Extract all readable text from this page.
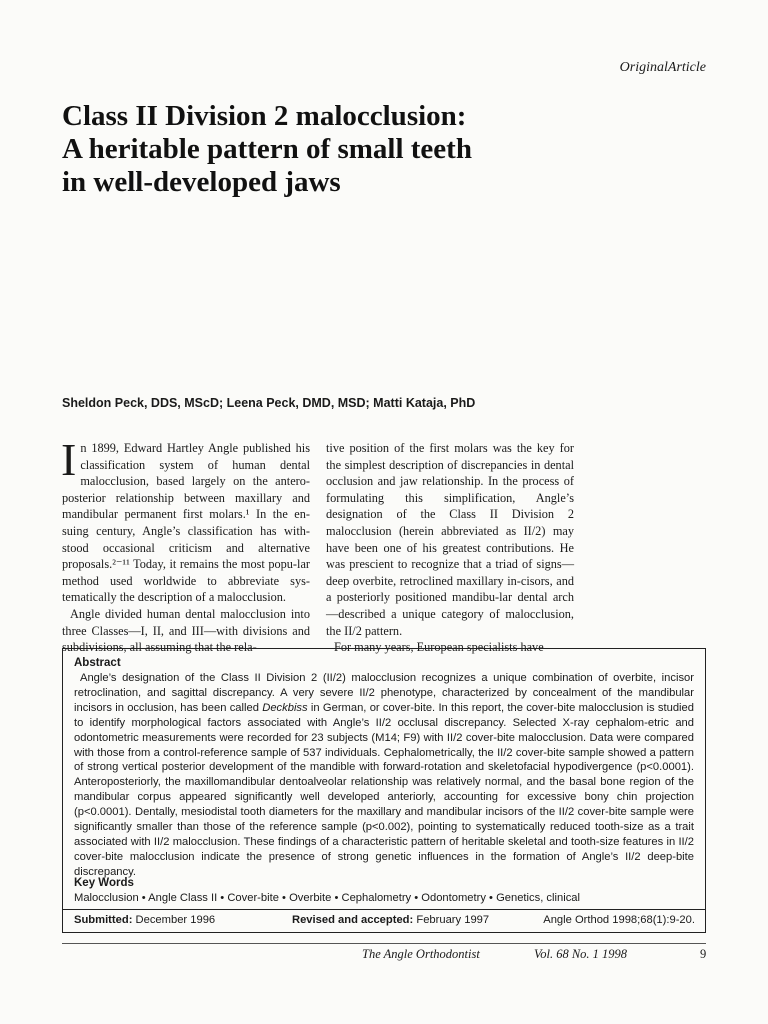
OriginalArticle
Class II Division 2 malocclusion: A heritable pattern of small teeth in well-developed jaws
Sheldon Peck, DDS, MScD; Leena Peck, DMD, MSD; Matti Kataja, PhD

In 1899, Edward Hartley Angle published his classification system of human dental malocclusion, based largely on the antero-posterior relationship between maxillary and mandibular permanent first molars.¹ In the en-suing century, Angle’s classification has with-stood occasional criticism and alternative proposals.²⁻¹¹ Today, it remains the most popu-lar method used worldwide to abbreviate sys-tematically the description of a malocclusion.

Angle divided human dental malocclusion into three Classes—I, II, and III—with divisions and subdivisions, all assuming that the rela-

tive position of the first molars was the key for the simplest description of discrepancies in dental occlusion and jaw relationship. In the process of formulating this simplification, Angle’s designation of the Class II Division 2 malocclusion (herein abbreviated as II/2) may have been one of his greatest contributions. He was prescient to recognize that a triad of signs—deep overbite, retroclined maxillary in-cisors, and a posteriorly positioned mandibu-lar dental arch—described a unique category of malocclusion, the II/2 pattern.

For many years, European specialists have

Abstract

Angle’s designation of the Class II Division 2 (II/2) malocclusion recognizes a unique combination of overbite, incisor retroclination, and sagittal discrepancy. A very severe II/2 phenotype, characterized by concealment of the mandibular incisors in occlusion, has been called Deckbiss in German, or cover-bite. In this report, the cover-bite malocclusion is studied to identify morphological factors associated with Angle’s II/2 occlusal discrepancy. Selected X-ray cephalom-etric and odontometric measurements were recorded for 23 subjects (M14; F9) with II/2 cover-bite malocclusion. Data were compared with those from a control-reference sample of 537 individuals. Cephalometrically, the II/2 cover-bite sample showed a pattern of strong vertical posterior development of the mandible with forward-rotation and skeletofacial hypodivergence (p<0.0001). Anteroposteriorly, the maxillomandibular dentoalveolar relationship was relatively normal, and the basal bone region of the mandibular corpus appeared significantly well developed anteriorly, accounting for excessive bony chin projection (p<0.0001). Dentally, mesiodistal tooth diameters for the maxillary and mandibular incisors of the II/2 cover-bite sample were significantly smaller than those of the reference sample (p<0.002), pointing to systematically reduced tooth-size as a trait associated with II/2 malocclusion. These findings of a characteristic pattern of heritable skeletal and tooth-size features in II/2 cover-bite malocclusion indicate the presence of strong genetic influences in the formation of Angle’s II/2 deep-bite discrepancy.

Key Words
Malocclusion • Angle Class II • Cover-bite • Overbite • Cephalometry • Odontometry • Genetics, clinical
Submitted: December 1996	Revised and accepted: February 1997	Angle Orthod 1998;68(1):9-20.
The Angle Orthodontist	Vol. 68 No. 1 1998	9
